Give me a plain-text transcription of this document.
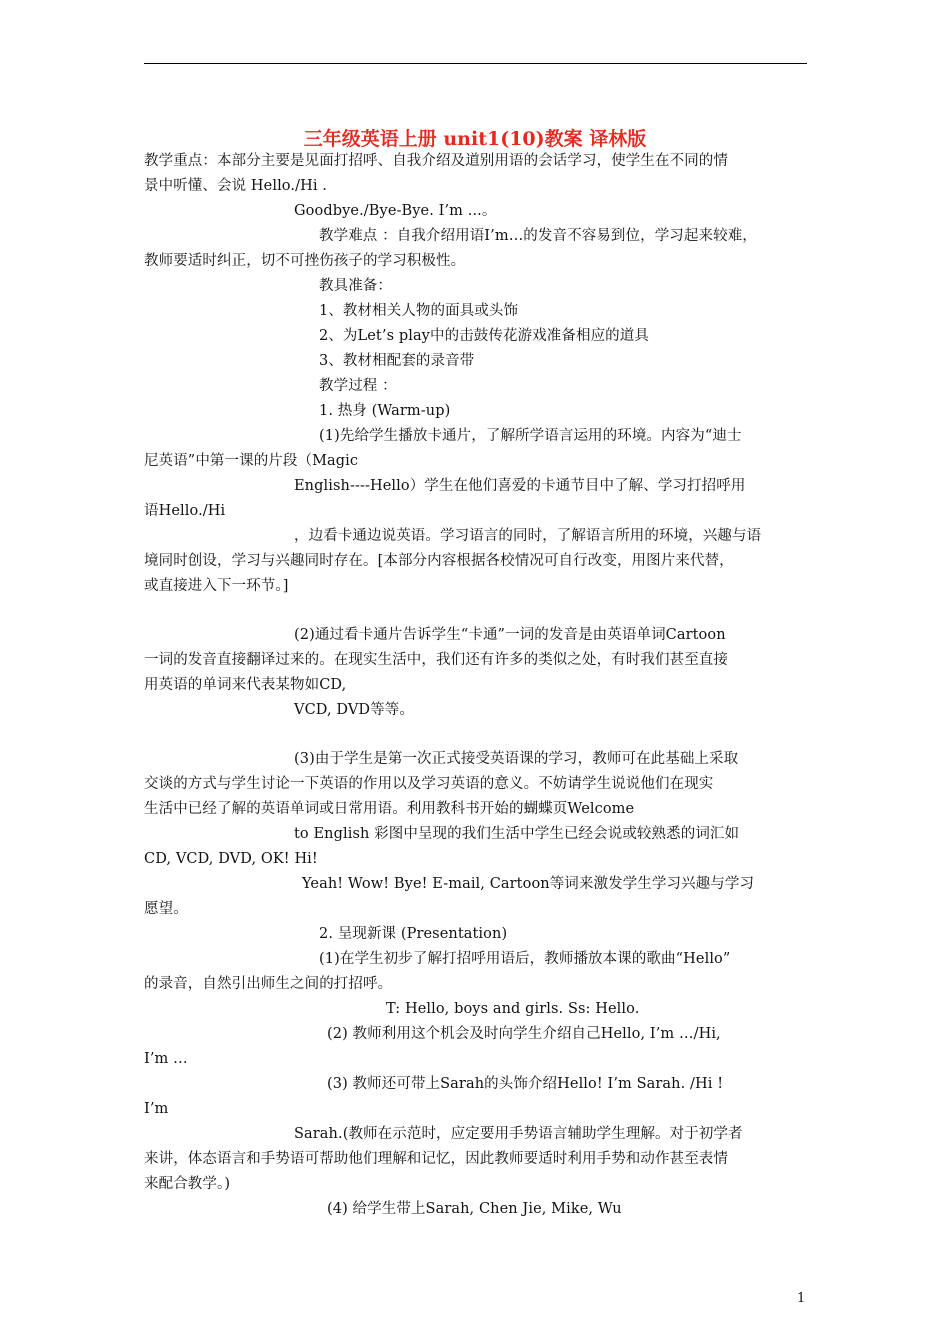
三年级英语上册 unit1(10)教案 译林版
教学重点：本部分主要是见面打招呼、自我介绍及道别用语的会话学习，使学生在不同的情
景中听懂、会说 Hello./Hi .
Goodbye./Bye-Bye. I’m ...。
教学难点 ：自我介绍用语I’m…的发音不容易到位，学习起来较难，
教师要适时纠正，切不可挫伤孩子的学习积极性。
教具准备：
1、教材相关人物的面具或头饰
2、为Let’s play中的击鼓传花游戏准备相应的道具
3、教材相配套的录音带
教学过程 ：
1. 热身 (Warm-up)
(1)先给学生播放卡通片，了解所学语言运用的环境。内容为“迪士
尼英语”中第一课的片段（Magic
English----Hello）学生在他们喜爱的卡通节目中了解、学习打招呼用
语Hello./Hi
，边看卡通边说英语。学习语言的同时，了解语言所用的环境，兴趣与语
境同时创设，学习与兴趣同时存在。[本部分内容根据各校情况可自行改变，用图片来代替，
或直接进入下一环节。]
(2)通过看卡通片告诉学生“卡通”一词的发音是由英语单词Cartoon
一词的发音直接翻译过来的。在现实生活中，我们还有许多的类似之处，有时我们甚至直接
用英语的单词来代表某物如CD,
VCD, DVD等等。
(3)由于学生是第一次正式接受英语课的学习，教师可在此基础上采取
交谈的方式与学生讨论一下英语的作用以及学习英语的意义。不妨请学生说说他们在现实
生活中已经了解的英语单词或日常用语。利用教科书开始的蝴蝶页Welcome
to English 彩图中呈现的我们生活中学生已经会说或较熟悉的词汇如
CD, VCD, DVD, OK! Hi!
Yeah! Wow! Bye! E-mail, Cartoon等词来激发学生学习兴趣与学习
愿望。
2. 呈现新课 (Presentation)
(1)在学生初步了解打招呼用语后，教师播放本课的歌曲“Hello”
的录音，自然引出师生之间的打招呼。
T: Hello, boys and girls. Ss: Hello.
(2) 教师利用这个机会及时向学生介绍自己Hello, I’m …/Hi,
I’m …
(3) 教师还可带上Sarah的头饰介绍Hello! I’m Sarah. /Hi !
I’m
Sarah.(教师在示范时，应定要用手势语言辅助学生理解。对于初学者
来讲，体态语言和手势语可帮助他们理解和记忆，因此教师要适时利用手势和动作甚至表情
来配合教学。)
(4) 给学生带上Sarah, Chen Jie, Mike, Wu
1
